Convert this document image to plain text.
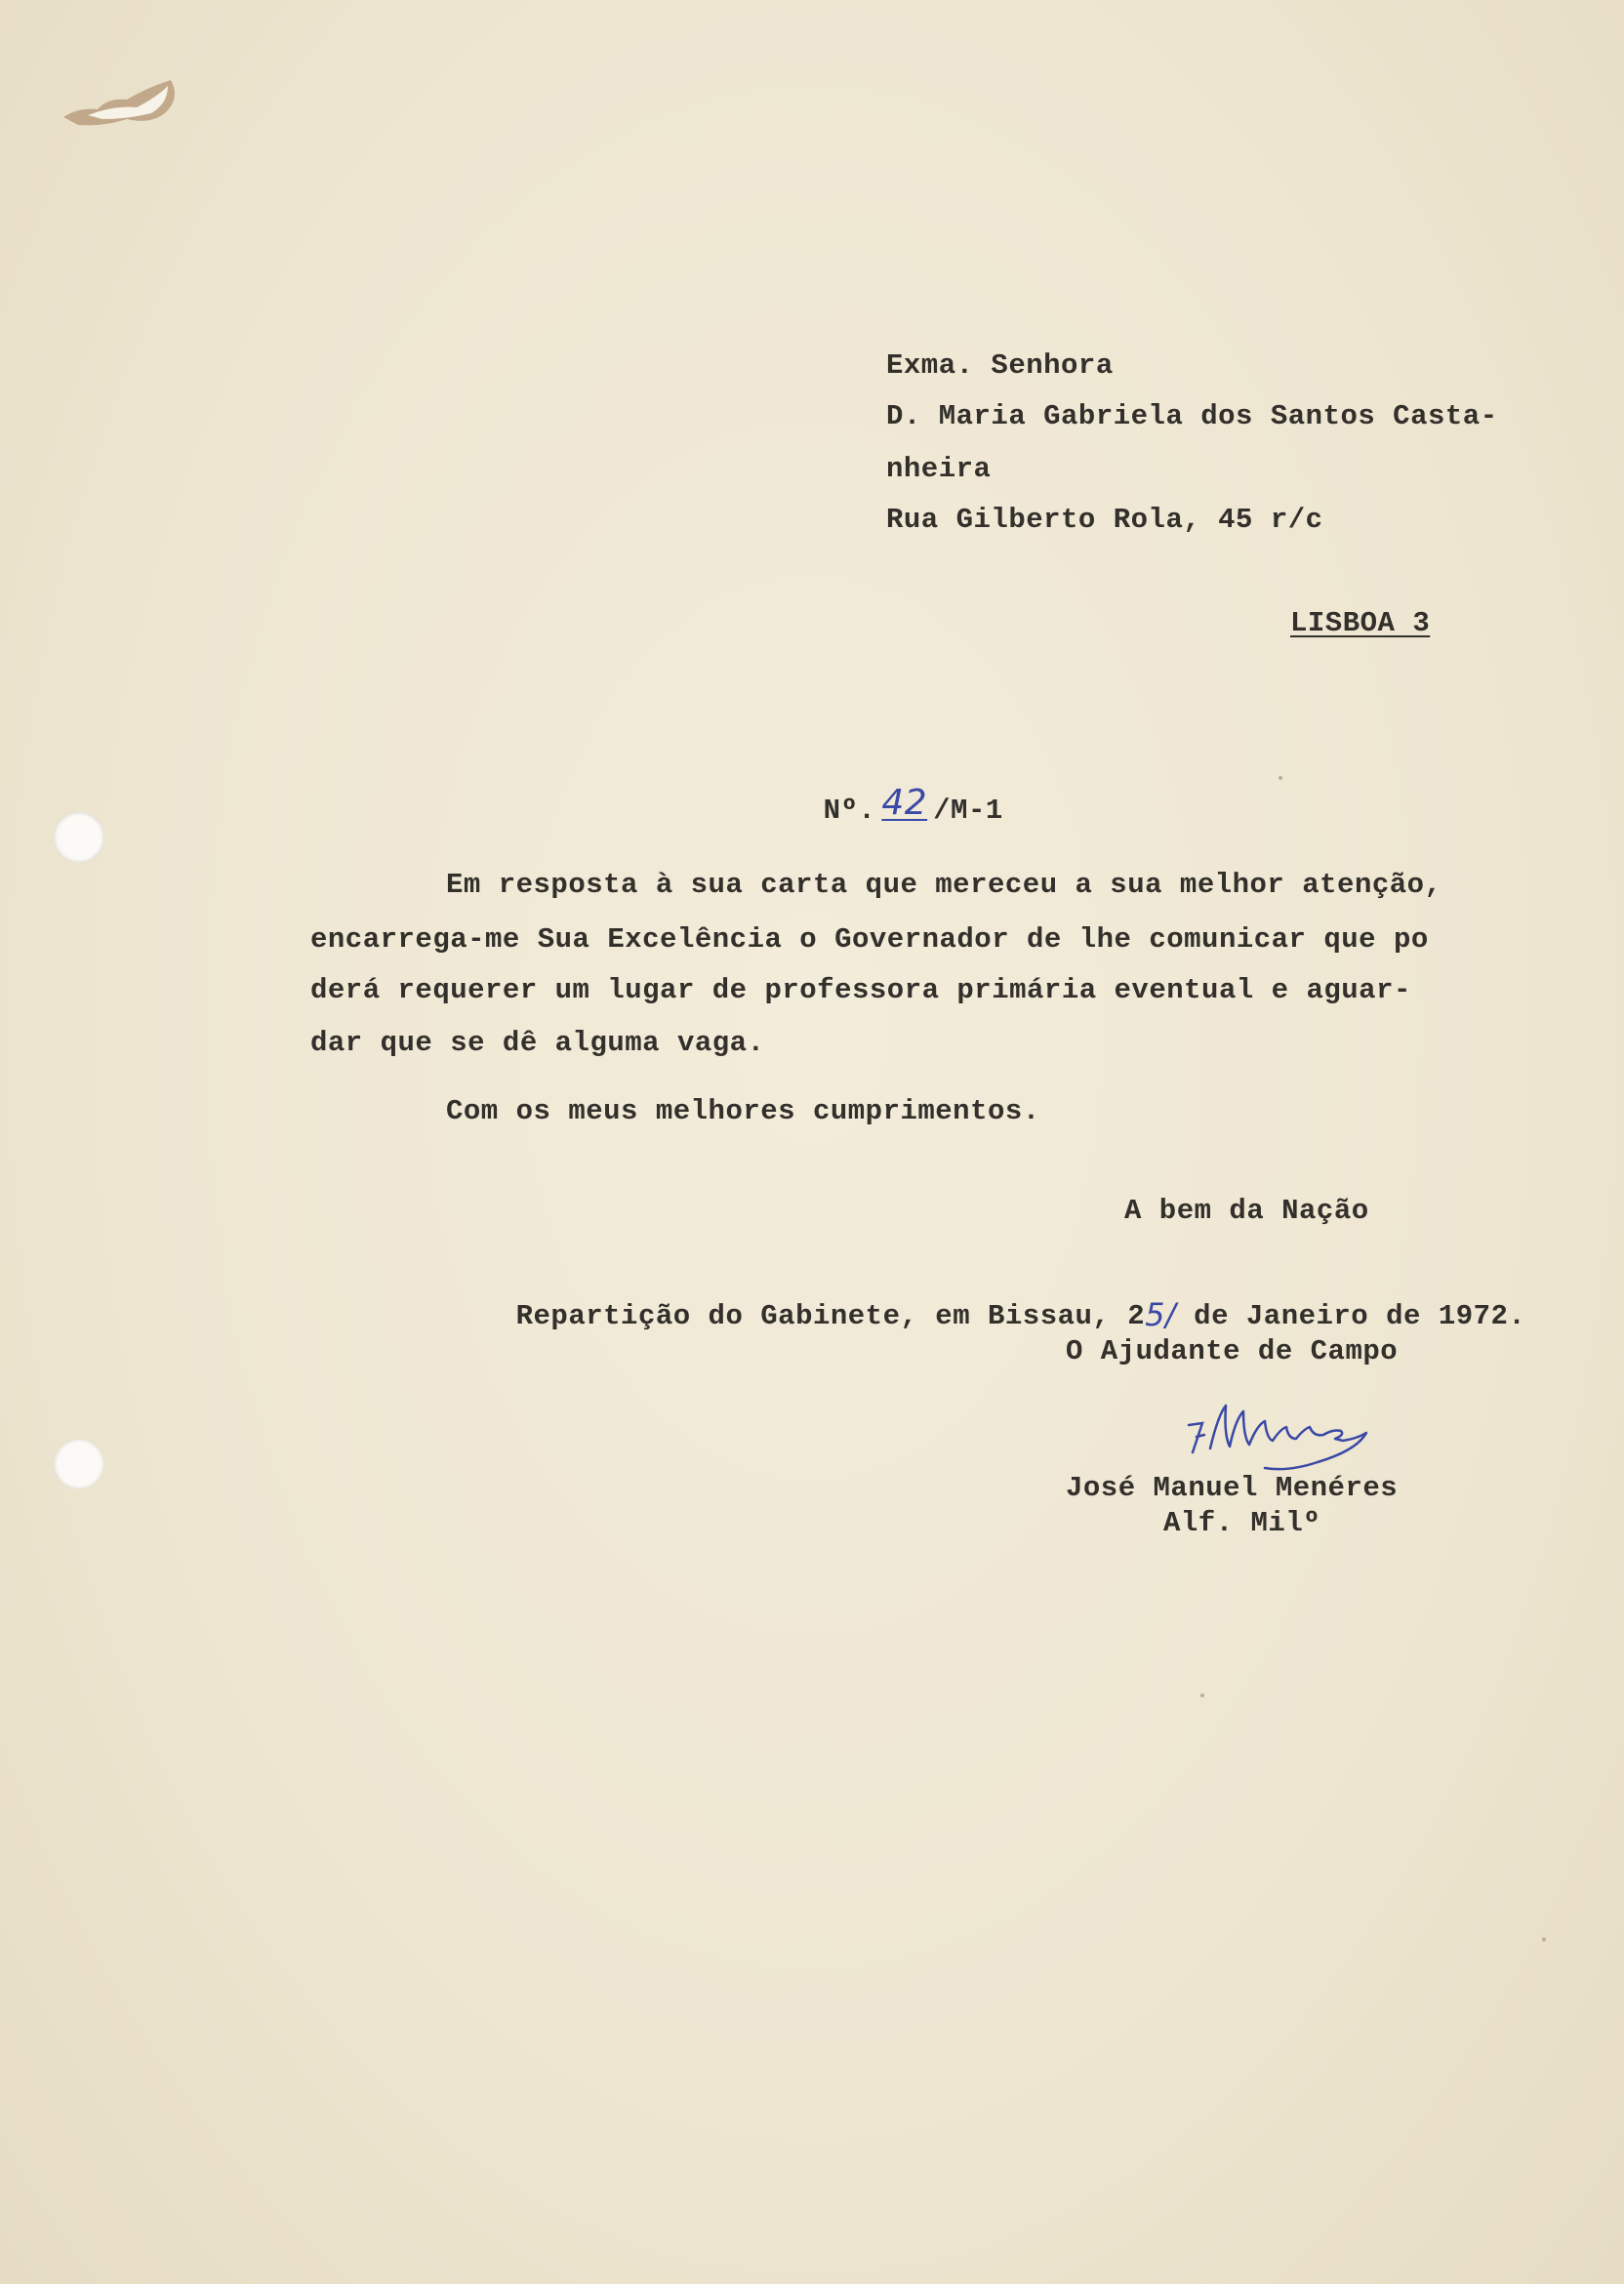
Exma. Senhora
D. Maria Gabriela dos Santos Casta-
nheira
Rua Gilberto Rola, 45 r/c
LISBOA 3

Nº. 42 /M-1

Em resposta à sua carta que mereceu a sua melhor atenção,
encarrega-me Sua Excelência o Governador de lhe comunicar que po
derá requerer um lugar de professora primária eventual e aguar-
dar que se dê alguma vaga.
Com os meus melhores cumprimentos.
A bem da Nação

Repartição do Gabinete, em Bissau, 25/ de Janeiro de 1972.

O Ajudante de Campo
José Manuel Menéres
Alf. Milº
